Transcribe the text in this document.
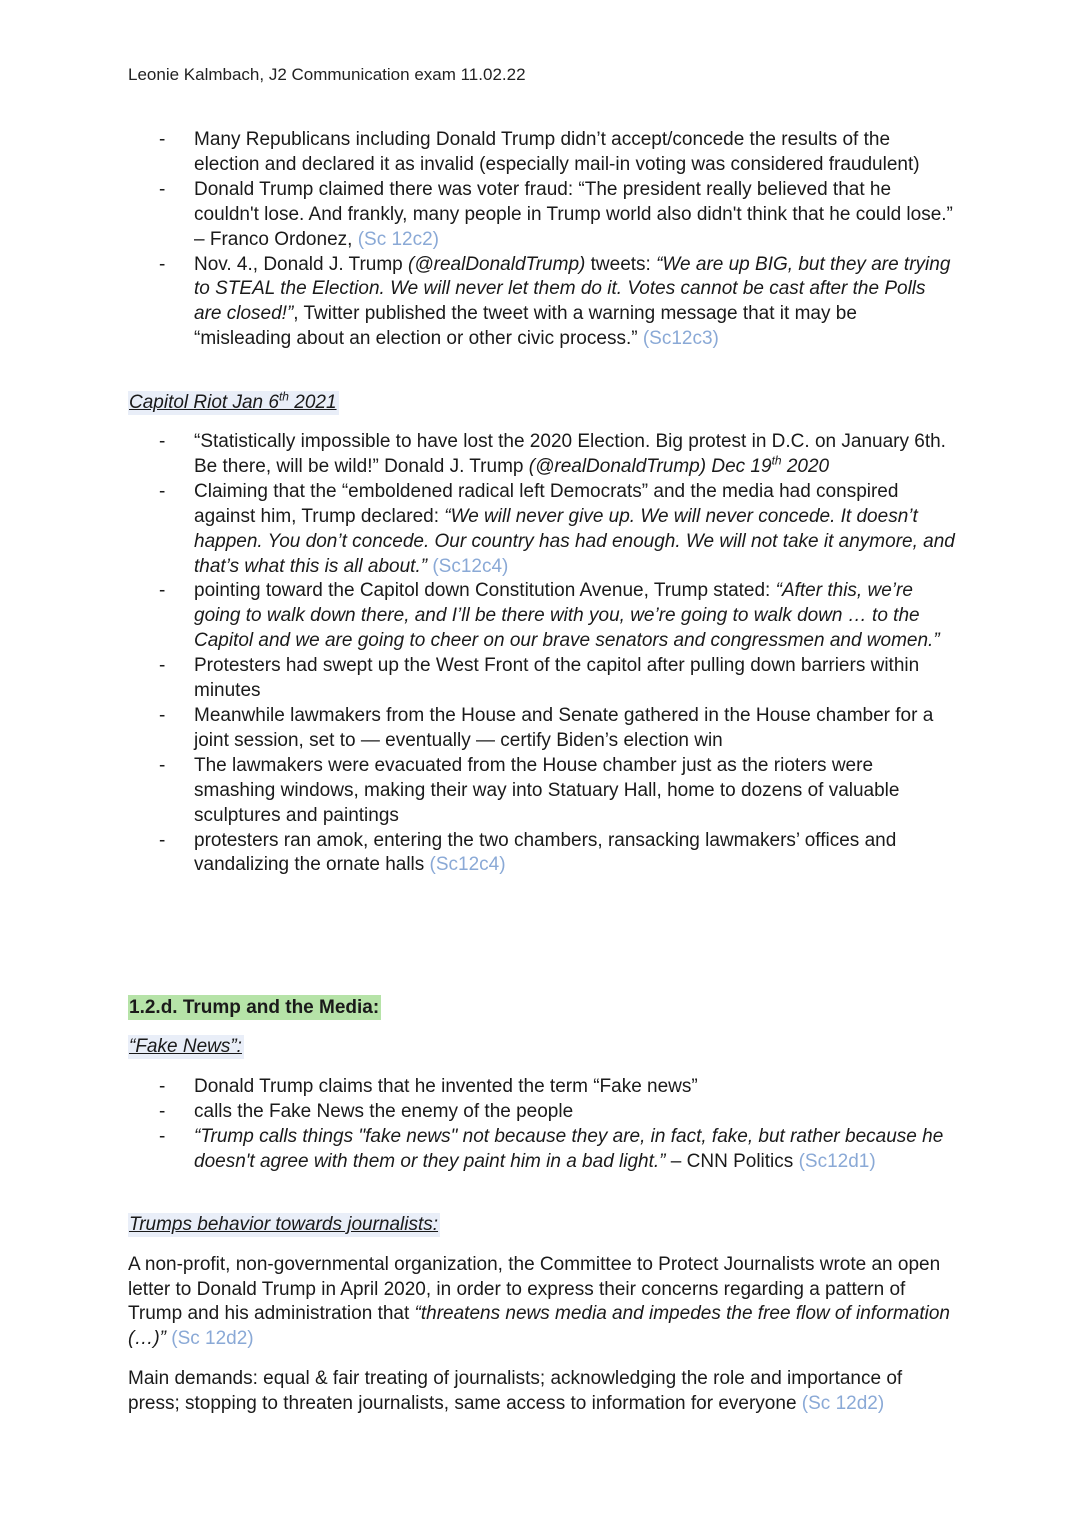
Leonie Kalmbach, J2 Communication exam 11.02.22
- Many Republicans including Donald Trump didn’t accept/concede the results of the election and declared it as invalid (especially mail-in voting was considered fraudulent)
- Donald Trump claimed there was voter fraud: “The president really believed that he couldn't lose. And frankly, many people in Trump world also didn't think that he could lose.” – Franco Ordonez, (Sc 12c2)
- Nov. 4., Donald J. Trump (@realDonaldTrump) tweets: “We are up BIG, but they are trying to STEAL the Election. We will never let them do it. Votes cannot be cast after the Polls are closed!”, Twitter published the tweet with a warning message that it may be “misleading about an election or other civic process.” (Sc12c3)
Capitol Riot Jan 6th 2021
- “Statistically impossible to have lost the 2020 Election. Big protest in D.C. on January 6th. Be there, will be wild!” Donald J. Trump (@realDonaldTrump) Dec 19th 2020
- Claiming that the “emboldened radical left Democrats” and the media had conspired against him, Trump declared: “We will never give up. We will never concede. It doesn’t happen. You don’t concede. Our country has had enough. We will not take it anymore, and that’s what this is all about.” (Sc12c4)
- pointing toward the Capitol down Constitution Avenue, Trump stated: “After this, we’re going to walk down there, and I’ll be there with you, we’re going to walk down … to the Capitol and we are going to cheer on our brave senators and congressmen and women.”
- Protesters had swept up the West Front of the capitol after pulling down barriers within minutes
- Meanwhile lawmakers from the House and Senate gathered in the House chamber for a joint session, set to — eventually — certify Biden’s election win
- The lawmakers were evacuated from the House chamber just as the rioters were smashing windows, making their way into Statuary Hall, home to dozens of valuable sculptures and paintings
- protesters ran amok, entering the two chambers, ransacking lawmakers’ offices and vandalizing the ornate halls (Sc12c4)
1.2.d. Trump and the Media:
“Fake News”:
- Donald Trump claims that he invented the term “Fake news”
- calls the Fake News the enemy of the people
- “Trump calls things "fake news" not because they are, in fact, fake, but rather because he doesn't agree with them or they paint him in a bad light.” – CNN Politics (Sc12d1)
Trumps behavior towards journalists:

A non-profit, non-governmental organization, the Committee to Protect Journalists wrote an open letter to Donald Trump in April 2020, in order to express their concerns regarding a pattern of Trump and his administration that “threatens news media and impedes the free flow of information (…)” (Sc 12d2)

Main demands: equal & fair treating of journalists; acknowledging the role and importance of press; stopping to threaten journalists, same access to information for everyone (Sc 12d2)
